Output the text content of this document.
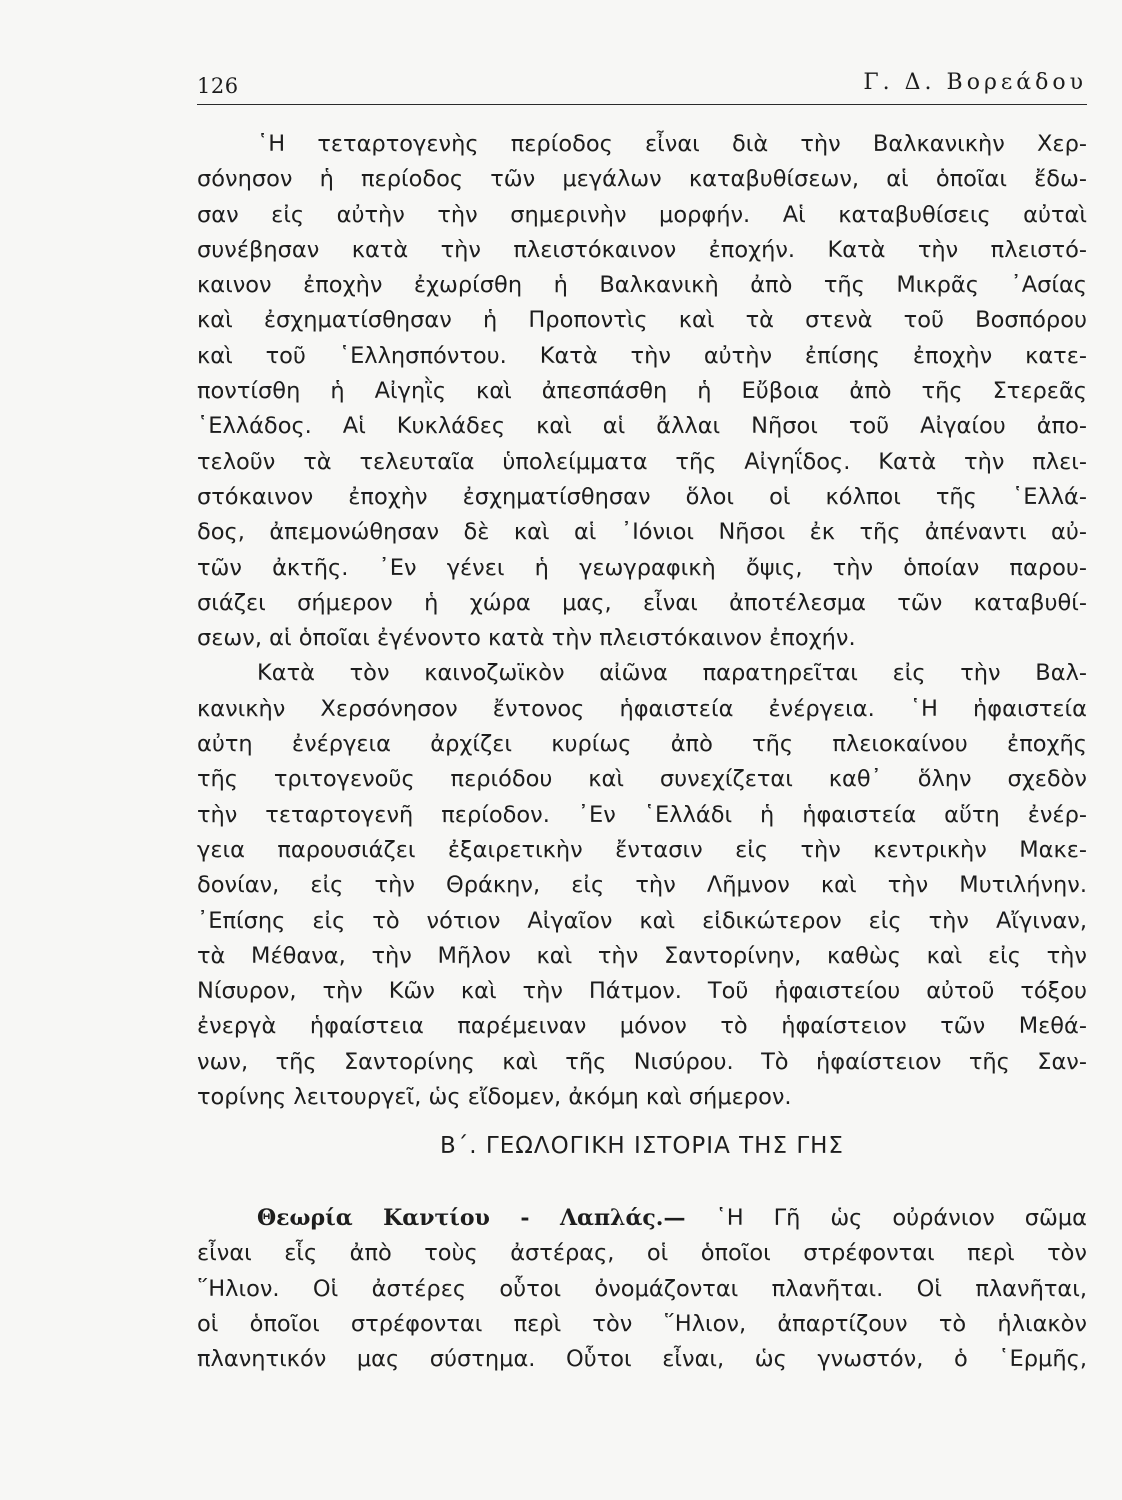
126	Γ. Δ. Βορεάδου
῾Η τεταρτογενὴς περίοδος εἶναι διὰ τὴν Βαλκανικὴν Χερ-
σόνησον ἡ περίοδος τῶν μεγάλων καταβυθίσεων, αἱ ὁποῖαι ἔδω-
σαν εἰς αὐτὴν τὴν σημερινὴν μορφήν. Αἱ καταβυθίσεις αὐταὶ
συνέβησαν κατὰ τὴν πλειστόκαινον ἐποχήν. Κατὰ τὴν πλειστό-
καινον ἐποχὴν ἐχωρίσθη ἡ Βαλκανικὴ ἀπὸ τῆς Μικρᾶς ᾿Ασίας
καὶ ἐσχηματίσθησαν ἡ Προποντὶς καὶ τὰ στενὰ τοῦ Βοσπόρου
καὶ τοῦ ῾Ελλησπόντου. Κατὰ τὴν αὐτὴν ἐπίσης ἐποχὴν κατε-
ποντίσθη ἡ Αἰγηῒς καὶ ἀπεσπάσθη ἡ Εὔβοια ἀπὸ τῆς Στερεᾶς
῾Ελλάδος. Αἱ Κυκλάδες καὶ αἱ ἄλλαι Νῆσοι τοῦ Αἰγαίου ἀπο-
τελοῦν τὰ τελευταῖα ὑπολείμματα τῆς Αἰγηΐδος. Κατὰ τὴν πλει-
στόκαινον ἐποχὴν ἐσχηματίσθησαν ὅλοι οἱ κόλποι τῆς ῾Ελλά-
δος, ἀπεμονώθησαν δὲ καὶ αἱ ᾿Ιόνιοι Νῆσοι ἐκ τῆς ἀπέναντι αὐ-
τῶν ἀκτῆς. ᾿Εν γένει ἡ γεωγραφικὴ ὄψις, τὴν ὁποίαν παρου-
σιάζει σήμερον ἡ χώρα μας, εἶναι ἀποτέλεσμα τῶν καταβυθί-
σεων, αἱ ὁποῖαι ἐγένοντο κατὰ τὴν πλειστόκαινον ἐποχήν.
Κατὰ τὸν καινοζωϊκὸν αἰῶνα παρατηρεῖται εἰς τὴν Βαλ-
κανικὴν Χερσόνησον ἔντονος ἡφαιστεία ἐνέργεια. ῾Η ἡφαιστεία
αὐτη ἐνέργεια ἀρχίζει κυρίως ἀπὸ τῆς πλειοκαίνου ἐποχῆς
τῆς τριτογενοῦς περιόδου καὶ συνεχίζεται καθ᾿ ὅλην σχεδὸν
τὴν τεταρτογενῆ περίοδον. ᾿Εν ῾Ελλάδι ἡ ἡφαιστεία αὕτη ἐνέρ-
γεια παρουσιάζει ἐξαιρετικὴν ἔντασιν εἰς τὴν κεντρικὴν Μακε-
δονίαν, εἰς τὴν Θράκην, εἰς τὴν Λῆμνον καὶ τὴν Μυτιλήνην.
᾿Επίσης εἰς τὸ νότιον Αἰγαῖον καὶ εἰδικώτερον εἰς τὴν Αἴγιναν,
τὰ Μέθανα, τὴν Μῆλον καὶ τὴν Σαντορίνην, καθὼς καὶ εἰς τὴν
Νίσυρον, τὴν Κῶν καὶ τὴν Πάτμον. Τοῦ ἡφαιστείου αὐτοῦ τόξου
ἐνεργὰ ἡφαίστεια παρέμειναν μόνον τὸ ἡφαίστειον τῶν Μεθά-
νων, τῆς Σαντορίνης καὶ τῆς Νισύρου. Τὸ ἡφαίστειον τῆς Σαν-
τορίνης λειτουργεῖ, ὡς εἴδομεν, ἀκόμη καὶ σήμερον.
Β΄. ΓΕΩΛΟΓΙΚΗ ΙΣΤΟΡΙΑ ΤΗΣ ΓΗΣ
Θεωρία Καντίου - Λαπλάς.— ῾Η Γῆ ὡς οὐράνιον σῶμα
εἶναι εἷς ἀπὸ τοὺς ἀστέρας, οἱ ὁποῖοι στρέφονται περὶ τὸν
῞Ηλιον. Οἱ ἀστέρες οὗτοι ὀνομάζονται πλανῆται. Οἱ πλανῆται,
οἱ ὁποῖοι στρέφονται περὶ τὸν ῞Ηλιον, ἀπαρτίζουν τὸ ἡλιακὸν
πλανητικόν μας σύστημα. Οὗτοι εἶναι, ὡς γνωστόν, ὁ ῾Ερμῆς,
